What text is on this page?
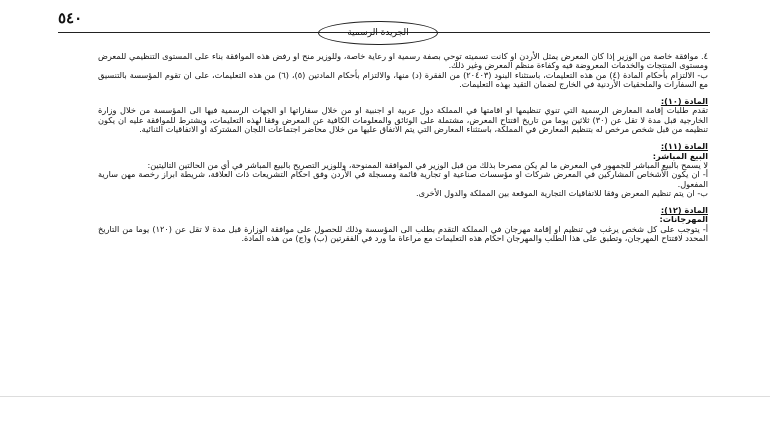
٥٤٠
الجريدة الرسمية

٤. موافقة خاصة من الوزير إذا كان المعرض يمثل الأردن او كانت تسميته توحي بصفة رسمية او رعاية خاصة، وللوزير منح او رفض هذه الموافقة بناء على المستوى التنظيمي للمعرض ومستوى المنتجات والخدمات المعروضة فيه وكفاءة منظم المعرض وغير ذلك.

ب- الالتزام بأحكام المادة (٤) من هذه التعليمات، باستثناء البنود (٢٠٤٠٣) من الفقرة (د) منها، والالتزام بأحكام المادتين (٥)، (٦) من هذه التعليمات، على ان تقوم المؤسسة بالتنسيق مع السفارات والملحقيات الأردنية في الخارج لضمان التقيد بهذه التعليمات.

المادة (١٠):

تقدم طلبات إقامة المعارض الرسمية التي تنوي تنظيمها او اقامتها في المملكة دول عربية او اجنبية او من خلال سفاراتها او الجهات الرسمية فيها الى المؤسسة من خلال وزارة الخارجية قبل مدة لا تقل عن (٣٠) ثلاثين يوما من تاريخ افتتاح المعرض، مشتملة على الوثائق والمعلومات الكافية عن المعرض وفقا لهذه التعليمات، ويشترط للموافقة عليه ان يكون تنظيمه من قبل شخص مرخص له بتنظيم المعارض في المملكة، باستثناء المعارض التي يتم الاتفاق عليها من خلال محاضر اجتماعات اللجان المشتركة او الاتفاقيات الثنائية.

المادة (١١):

البيع المباشر:

لا يسمح بالبيع المباشر للجمهور في المعرض ما لم يكن مصرحا بذلك من قبل الوزير في الموافقة الممنوحة، وللوزير التصريح بالبيع المباشر في أي من الحالتين التاليتين:

أ- ان يكون الأشخاص المشاركين في المعرض شركات او مؤسسات صناعية او تجارية قائمة ومسجلة في الأردن وفق احكام التشريعات ذات العلاقة، شريطة ابراز رخصة مهن سارية المفعول.

ب- ان يتم تنظيم المعرض وفقا للاتفاقيات التجارية الموقعة بين المملكة والدول الأخرى.

المادة (١٢):

المهرجانات:

أ- يتوجب على كل شخص يرغب في تنظيم او إقامة مهرجان في المملكة التقدم بطلب الى المؤسسة وذلك للحصول على موافقة الوزارة قبل مدة لا تقل عن (١٢٠) يوما من التاريخ المحدد لافتتاح المهرجان، وتطبق على هذا الطلب والمهرجان احكام هذه التعليمات مع مراعاة ما ورد في الفقرتين (ب) و(ج) من هذه المادة.
